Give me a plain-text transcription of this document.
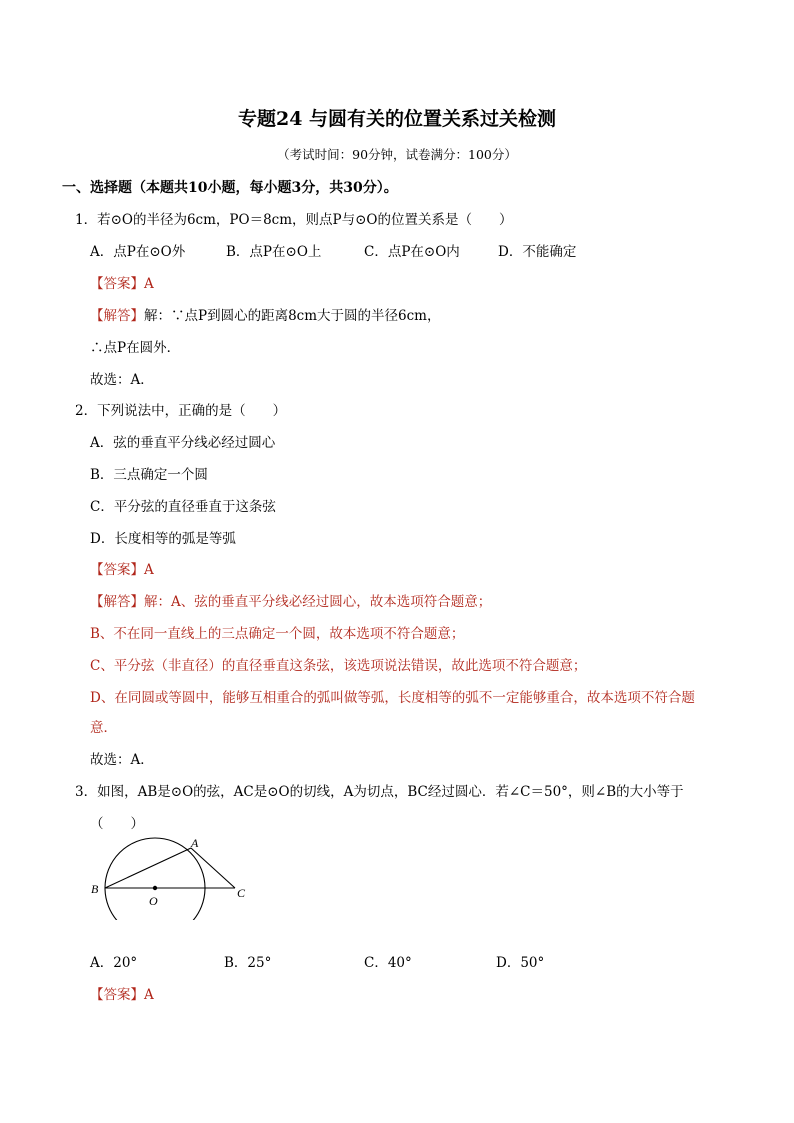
专题24 与圆有关的位置关系过关检测
（考试时间：90分钟，试卷满分：100分）
一、选择题（本题共10小题，每小题3分，共30分）。
1．若⊙O的半径为6cm，PO＝8cm，则点P与⊙O的位置关系是（　　）
A．点P在⊙O外	B．点P在⊙O上	C．点P在⊙O内	D．不能确定
【答案】A
【解答】解：∵点P到圆心的距离8cm大于圆的半径6cm，
∴点P在圆外．
故选：A．
2．下列说法中，正确的是（　　）
A．弦的垂直平分线必经过圆心
B．三点确定一个圆
C．平分弦的直径垂直于这条弦
D．长度相等的弧是等弧
【答案】A
【解答】解：A、弦的垂直平分线必经过圆心，故本选项符合题意；
B、不在同一直线上的三点确定一个圆，故本选项不符合题意；
C、平分弦（非直径）的直径垂直这条弦，该选项说法错误，故此选项不符合题意；
D、在同圆或等圆中，能够互相重合的弧叫做等弧，长度相等的弧不一定能够重合，故本选项不符合题
意．
故选：A．
3．如图，AB是⊙O的弦，AC是⊙O的切线，A为切点，BC经过圆心．若∠C＝50°，则∠B的大小等于
（　　）
A
B
O
C
A．20°	B．25°	C．40°	D．50°
【答案】A
